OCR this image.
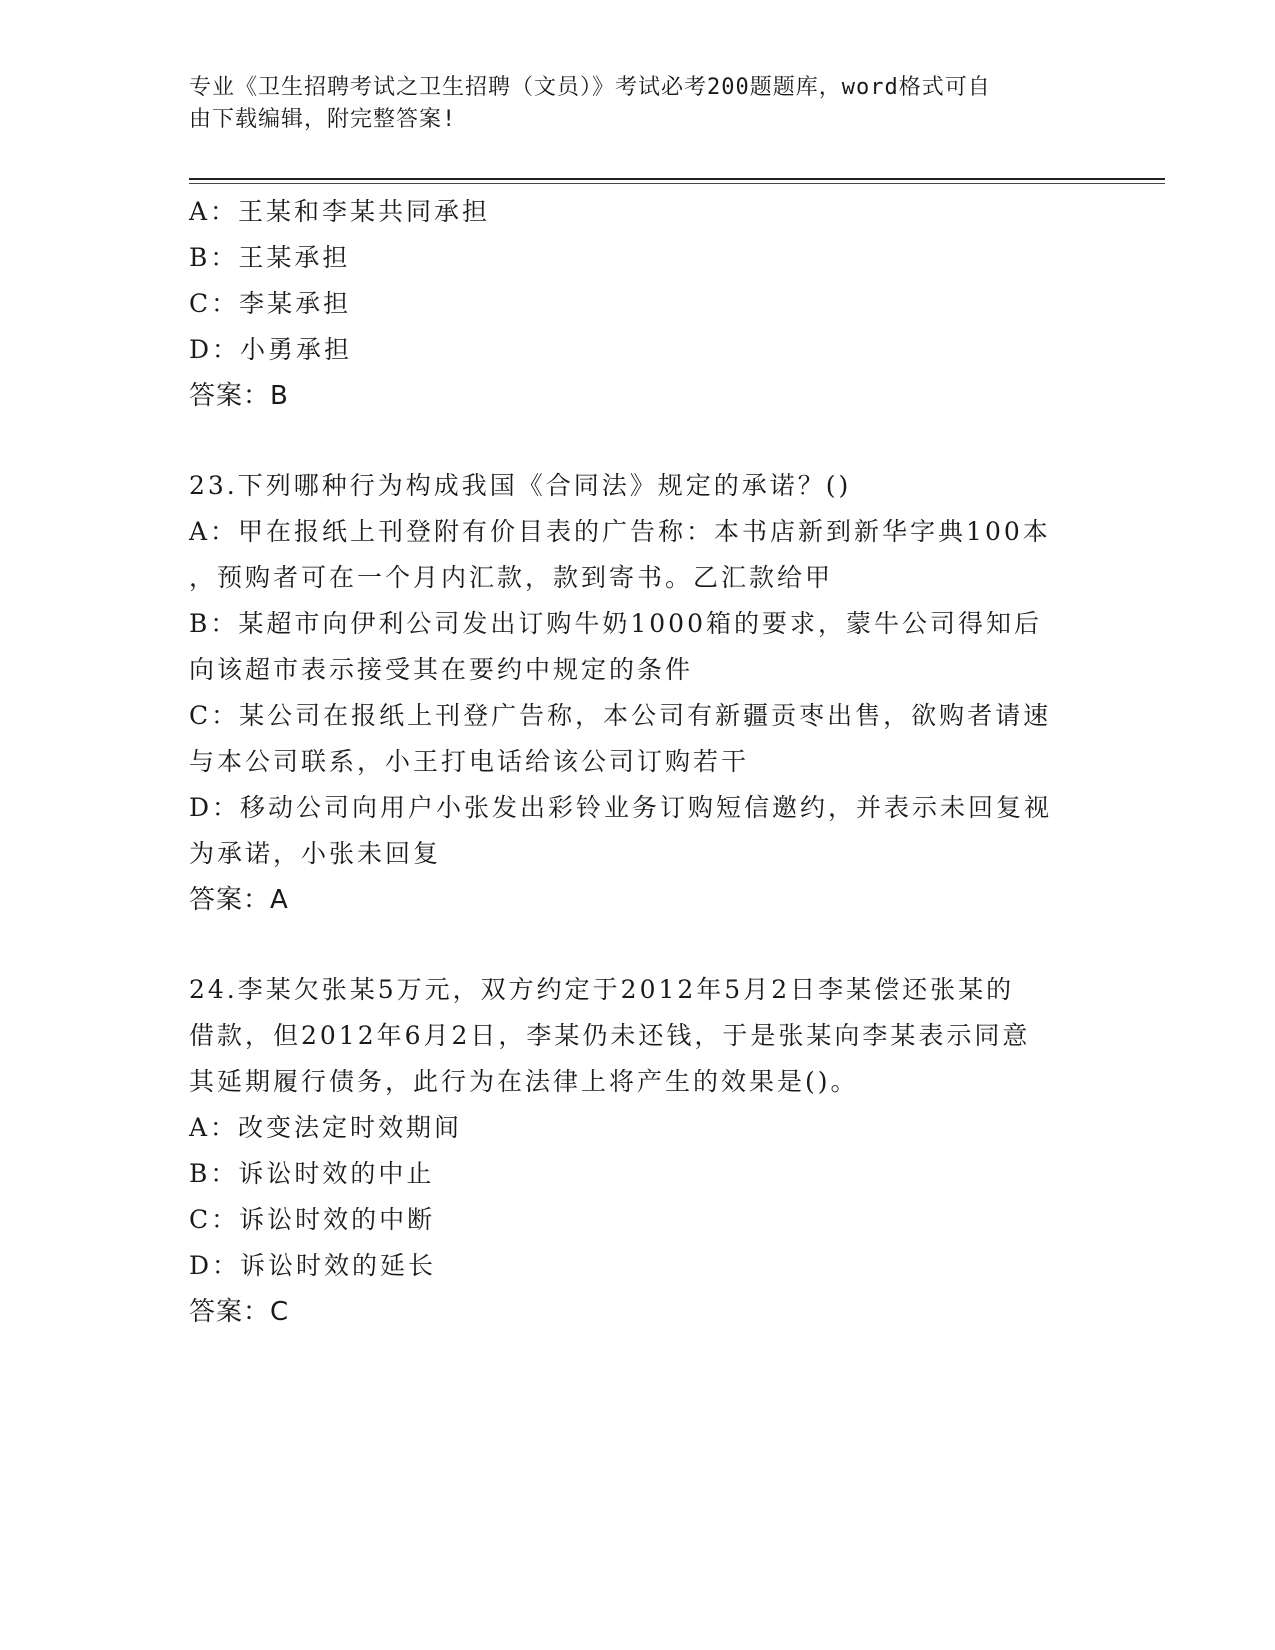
专业《卫生招聘考试之卫生招聘（文员）》考试必考200题题库，word格式可自
由下载编辑，附完整答案!
A：王某和李某共同承担
B：王某承担
C：李某承担
D：小勇承担
答案：B
23.下列哪种行为构成我国《合同法》规定的承诺？()
A：甲在报纸上刊登附有价目表的广告称：本书店新到新华字典100本
，预购者可在一个月内汇款，款到寄书。乙汇款给甲
B：某超市向伊利公司发出订购牛奶1000箱的要求，蒙牛公司得知后
向该超市表示接受其在要约中规定的条件
C：某公司在报纸上刊登广告称，本公司有新疆贡枣出售，欲购者请速
与本公司联系，小王打电话给该公司订购若干
D：移动公司向用户小张发出彩铃业务订购短信邀约，并表示未回复视
为承诺，小张未回复
答案：A
24.李某欠张某5万元，双方约定于2012年5月2日李某偿还张某的
借款，但2012年6月2日，李某仍未还钱，于是张某向李某表示同意
其延期履行债务，此行为在法律上将产生的效果是()。
A：改变法定时效期间
B：诉讼时效的中止
C：诉讼时效的中断
D：诉讼时效的延长
答案：C
